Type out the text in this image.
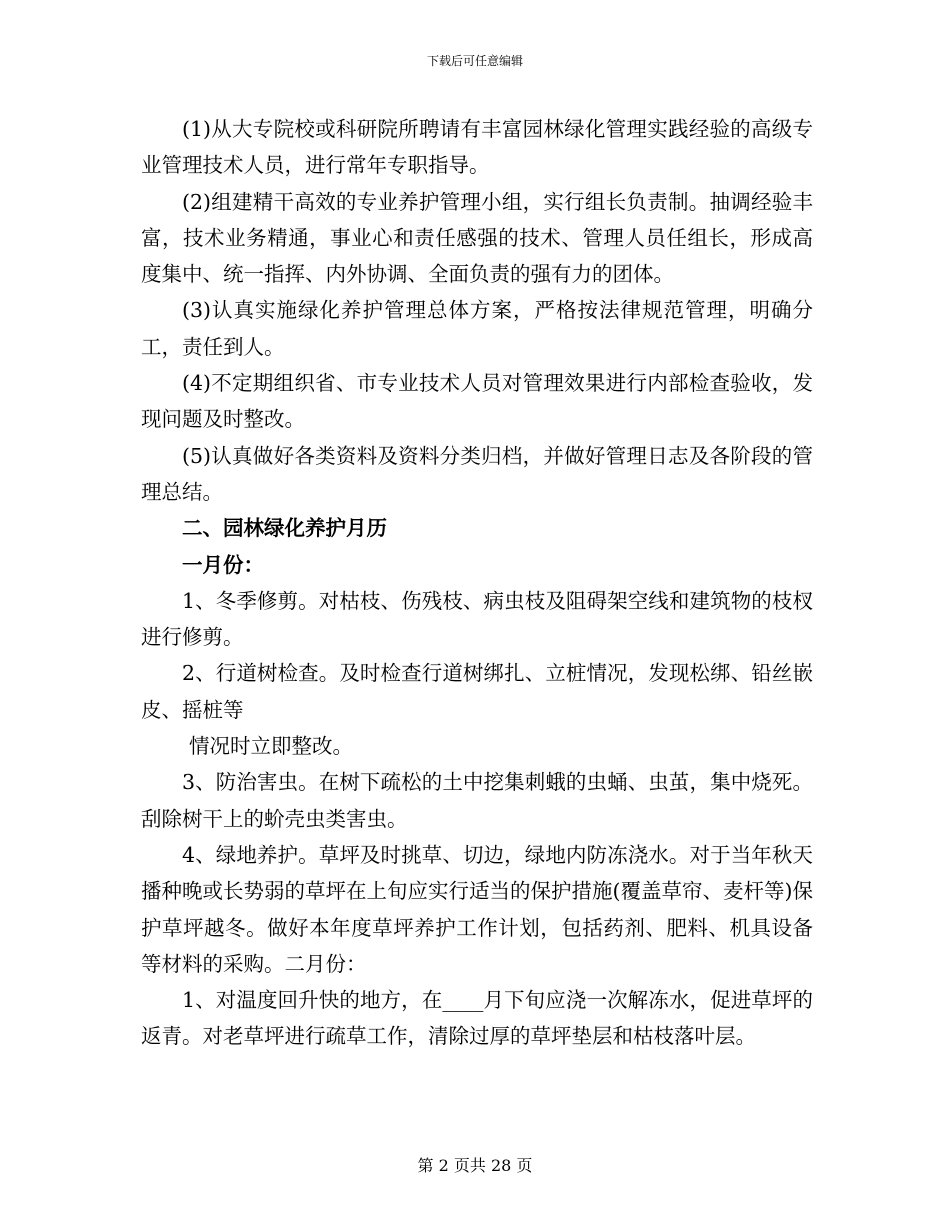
下载后可任意编辑

(1)从大专院校或科研院所聘请有丰富园林绿化管理实践经验的高级专业管理技术人员，进行常年专职指导。

(2)组建精干高效的专业养护管理小组，实行组长负责制。抽调经验丰富，技术业务精通，事业心和责任感强的技术、管理人员任组长，形成高度集中、统一指挥、内外协调、全面负责的强有力的团体。

(3)认真实施绿化养护管理总体方案，严格按法律规范管理，明确分工，责任到人。

(4)不定期组织省、市专业技术人员对管理效果进行内部检查验收，发现问题及时整改。

(5)认真做好各类资料及资料分类归档，并做好管理日志及各阶段的管理总结。

二、园林绿化养护月历

一月份：

1、冬季修剪。对枯枝、伤残枝、病虫枝及阻碍架空线和建筑物的枝杈进行修剪。

2、行道树检查。及时检查行道树绑扎、立桩情况，发现松绑、铅丝嵌皮、摇桩等

情况时立即整改。

3、防治害虫。在树下疏松的土中挖集刺蛾的虫蛹、虫茧，集中烧死。刮除树干上的蚧壳虫类害虫。

4、绿地养护。草坪及时挑草、切边，绿地内防冻浇水。对于当年秋天播种晚或长势弱的草坪在上旬应实行适当的保护措施(覆盖草帘、麦杆等)保护草坪越冬。做好本年度草坪养护工作计划，包括药剂、肥料、机具设备等材料的采购。二月份：

1、对温度回升快的地方，在____月下旬应浇一次解冻水，促进草坪的返青。对老草坪进行疏草工作，清除过厚的草坪垫层和枯枝落叶层。

第 2 页共 28 页
